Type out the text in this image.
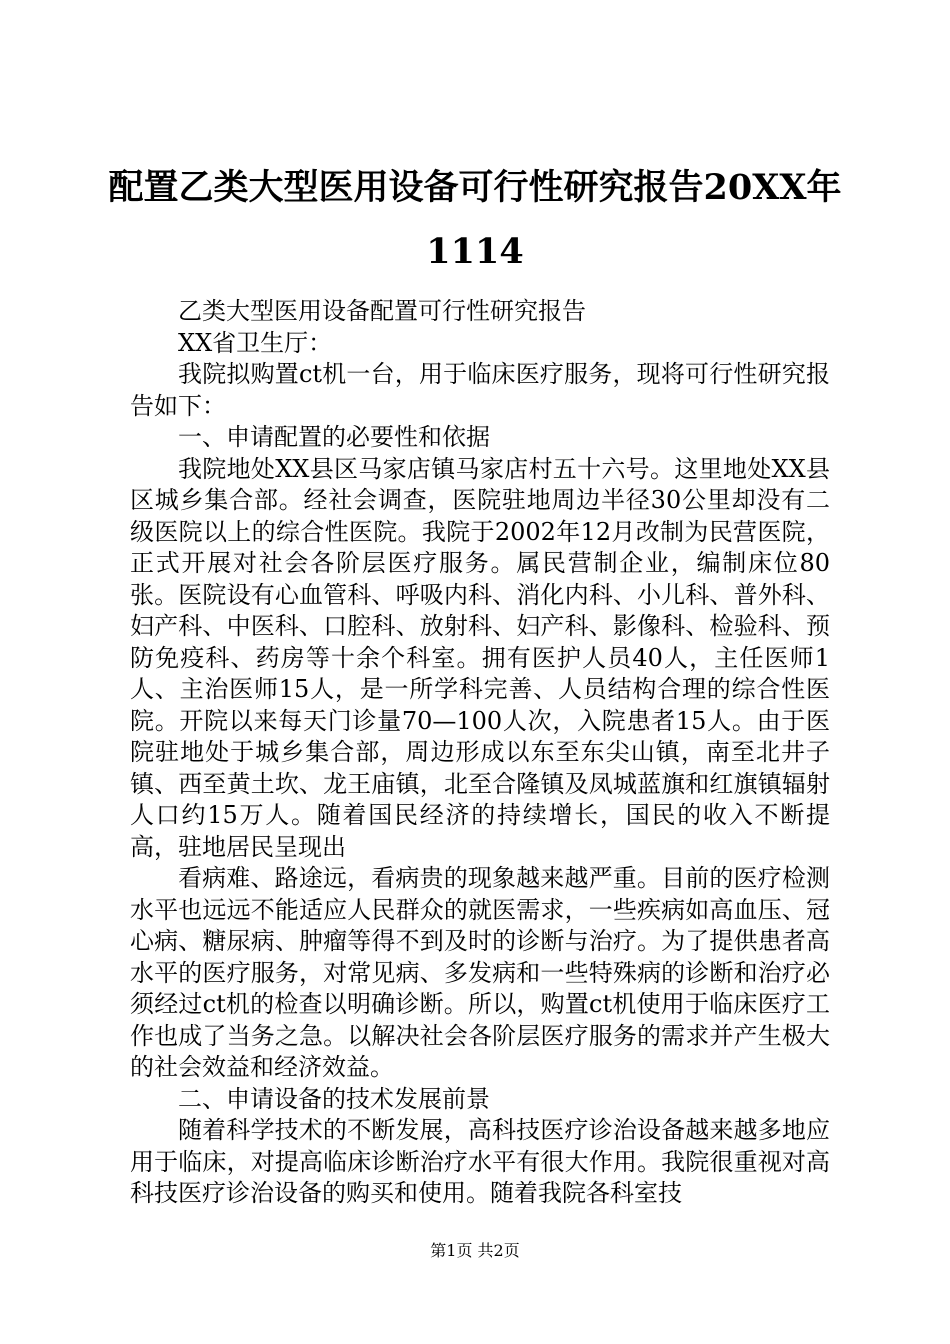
配置乙类大型医用设备可行性研究报告20XX年1114

乙类大型医用设备配置可行性研究报告

XX省卫生厅：

我院拟购置ct机一台，用于临床医疗服务，现将可行性研究报告如下：

一、申请配置的必要性和依据

我院地处XX县区马家店镇马家店村五十六号。这里地处XX县区城乡集合部。经社会调查，医院驻地周边半径30公里却没有二级医院以上的综合性医院。我院于2002年12月改制为民营医院，正式开展对社会各阶层医疗服务。属民营制企业，编制床位80张。医院设有心血管科、呼吸内科、消化内科、小儿科、普外科、妇产科、中医科、口腔科、放射科、妇产科、影像科、检验科、预防免疫科、药房等十余个科室。拥有医护人员40人，主任医师1人、主治医师15人，是一所学科完善、人员结构合理的综合性医院。开院以来每天门诊量70—100人次，入院患者15人。由于医院驻地处于城乡集合部，周边形成以东至东尖山镇，南至北井子镇、西至黄土坎、龙王庙镇，北至合隆镇及凤城蓝旗和红旗镇辐射人口约15万人。随着国民经济的持续增长，国民的收入不断提高，驻地居民呈现出

看病难、路途远，看病贵的现象越来越严重。目前的医疗检测水平也远远不能适应人民群众的就医需求，一些疾病如高血压、冠心病、糖尿病、肿瘤等得不到及时的诊断与治疗。为了提供患者高水平的医疗服务，对常见病、多发病和一些特殊病的诊断和治疗必须经过ct机的检查以明确诊断。所以，购置ct机使用于临床医疗工作也成了当务之急。以解决社会各阶层医疗服务的需求并产生极大的社会效益和经济效益。

二、申请设备的技术发展前景

随着科学技术的不断发展，高科技医疗诊治设备越来越多地应用于临床，对提高临床诊断治疗水平有很大作用。我院很重视对高科技医疗诊治设备的购买和使用。随着我院各科室技

第1页 共2页
